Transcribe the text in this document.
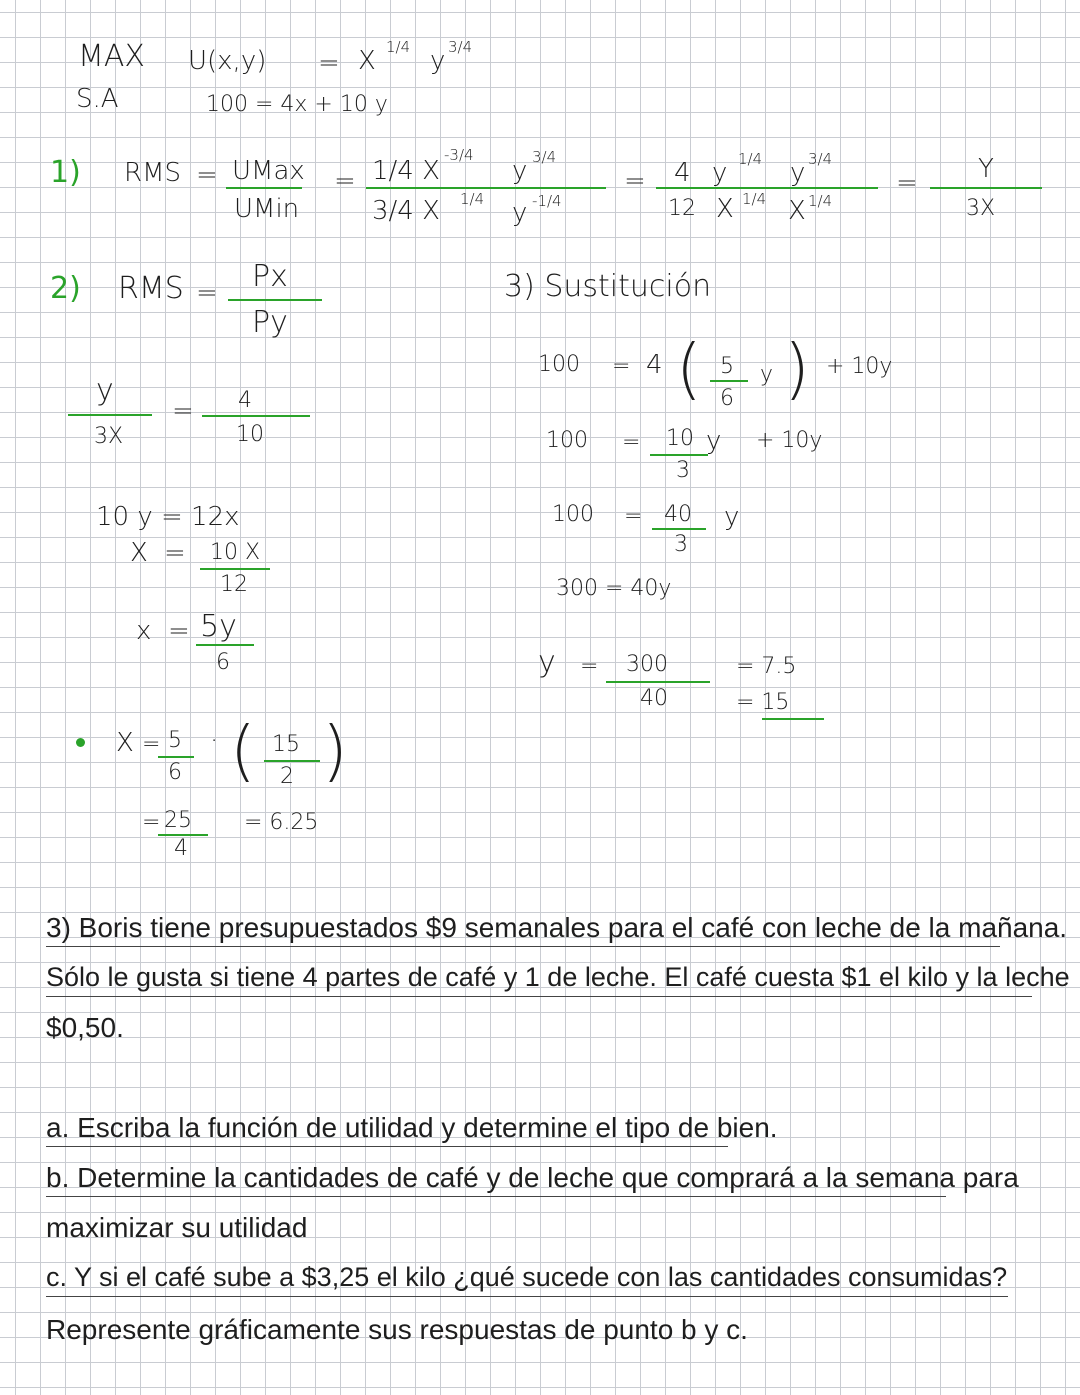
MAX
S.A
U(x,y) = X 1/4 y 3/4
100 = 4x + 10 y
1) RMS = UMax
UMin
= 1/4 X
-3/4
3/4 X 1/4
y 3/4
y -1/4
= 4 y 1/4
12 X 1/4
y 3/4
X 1/4
= Y
3X
2) RMS = Px
Py
y
3X
= 4
10
10 y = 12x
X = 10 X
12
x = 5y
6
X = 5
6
· ( 15
2 )
= 25
4
= 6.25
3) Sustitución
100 = 4 ( 5
6
y ) + 10y
100 = 10
3
y + 10y
100 = 40
3
y
300 = 40y
y = 300
40
= 7.5
= 15
3) Boris tiene presupuestados $9 semanales para el café con leche de la mañana.
Sólo le gusta si tiene 4 partes de café y 1 de leche. El café cuesta $1 el kilo y la leche
$0,50.
a. Escriba la función de utilidad y determine el tipo de bien.
b. Determine la cantidades de café y de leche que comprará a la semana para
maximizar su utilidad
c. Y si el café sube a $3,25 el kilo ¿qué sucede con las cantidades consumidas?
Represente gráficamente sus respuestas de punto b y c.
